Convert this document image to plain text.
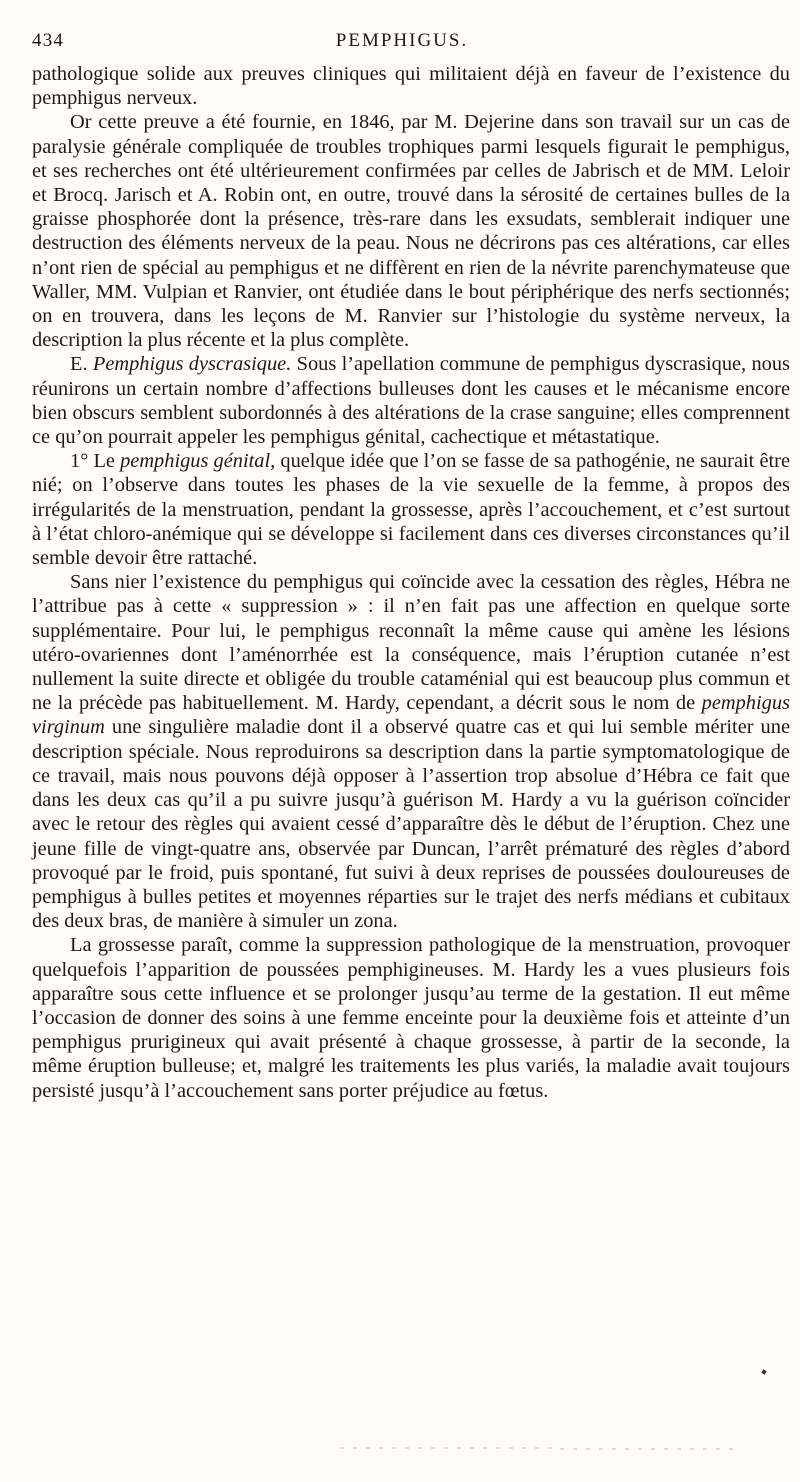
434	PEMPHIGUS.

pathologique solide aux preuves cliniques qui militaient déjà en faveur de l’existence du pemphigus nerveux.

Or cette preuve a été fournie, en 1846, par M. Dejerine dans son travail sur un cas de paralysie générale compliquée de troubles trophiques parmi lesquels figurait le pemphigus, et ses recherches ont été ultérieurement confirmées par celles de Jabrisch et de MM. Leloir et Brocq. Jarisch et A. Robin ont, en outre, trouvé dans la sérosité de certaines bulles de la graisse phosphorée dont la présence, très-rare dans les exsudats, semblerait indiquer une destruction des éléments nerveux de la peau. Nous ne décrirons pas ces altérations, car elles n’ont rien de spécial au pemphigus et ne diffèrent en rien de la névrite parenchymateuse que Waller, MM. Vulpian et Ranvier, ont étudiée dans le bout périphérique des nerfs sectionnés; on en trouvera, dans les leçons de M. Ranvier sur l’histologie du système nerveux, la description la plus récente et la plus complète.

E. Pemphigus dyscrasique. Sous l’apellation commune de pemphigus dyscrasique, nous réunirons un certain nombre d’affections bulleuses dont les causes et le mécanisme encore bien obscurs semblent subordonnés à des altérations de la crase sanguine; elles comprennent ce qu’on pourrait appeler les pemphigus génital, cachectique et métastatique.

1° Le pemphigus génital, quelque idée que l’on se fasse de sa pathogénie, ne saurait être nié; on l’observe dans toutes les phases de la vie sexuelle de la femme, à propos des irrégularités de la menstruation, pendant la grossesse, après l’accouchement, et c’est surtout à l’état chloro-anémique qui se développe si facilement dans ces diverses circonstances qu’il semble devoir être rattaché.

Sans nier l’existence du pemphigus qui coïncide avec la cessation des règles, Hébra ne l’attribue pas à cette « suppression » : il n’en fait pas une affection en quelque sorte supplémentaire. Pour lui, le pemphigus reconnaît la même cause qui amène les lésions utéro-ovariennes dont l’aménorrhée est la conséquence, mais l’éruption cutanée n’est nullement la suite directe et obligée du trouble cataménial qui est beaucoup plus commun et ne la précède pas habituellement. M. Hardy, cependant, a décrit sous le nom de pemphigus virginum une singulière maladie dont il a observé quatre cas et qui lui semble mériter une description spéciale. Nous reproduirons sa description dans la partie symptomatologique de ce travail, mais nous pouvons déjà opposer à l’assertion trop absolue d’Hébra ce fait que dans les deux cas qu’il a pu suivre jusqu’à guérison M. Hardy a vu la guérison coïncider avec le retour des règles qui avaient cessé d’apparaître dès le début de l’éruption. Chez une jeune fille de vingt-quatre ans, observée par Duncan, l’arrêt prématuré des règles d’abord provoqué par le froid, puis spontané, fut suivi à deux reprises de poussées douloureuses de pemphigus à bulles petites et moyennes réparties sur le trajet des nerfs médians et cubitaux des deux bras, de manière à simuler un zona.

La grossesse paraît, comme la suppression pathologique de la menstruation, provoquer quelquefois l’apparition de poussées pemphigineuses. M. Hardy les a vues plusieurs fois apparaître sous cette influence et se prolonger jusqu’au terme de la gestation. Il eut même l’occasion de donner des soins à une femme enceinte pour la deuxième fois et atteinte d’un pemphigus prurigineux qui avait présenté à chaque grossesse, à partir de la seconde, la même éruption bulleuse; et, malgré les traitements les plus variés, la maladie avait toujours persisté jusqu’à l’accouchement sans porter préjudice au fœtus.
